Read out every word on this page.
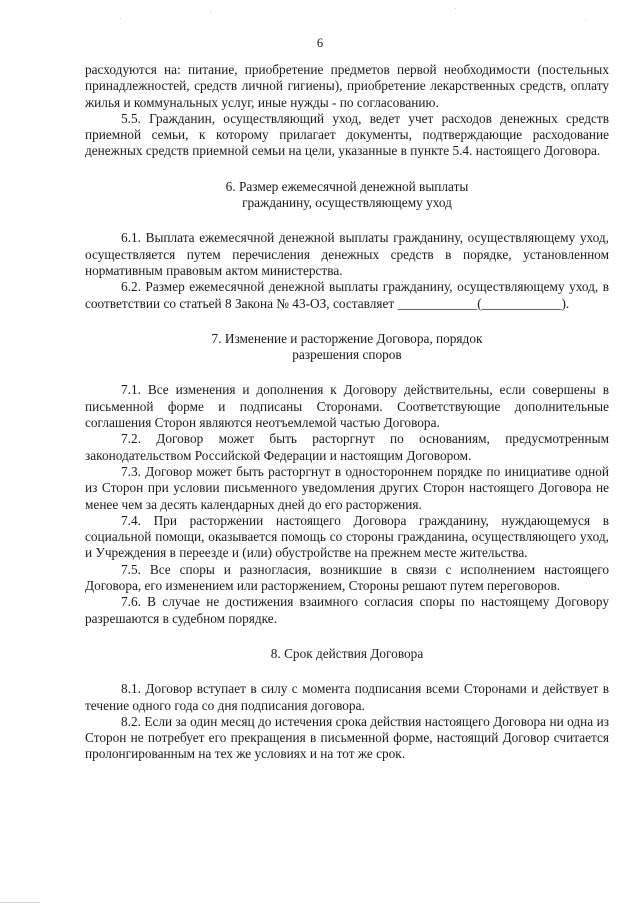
6

расходуются на: питание, приобретение предметов первой необходимости (постельных принадлежностей, средств личной гигиены), приобретение лекарственных средств, оплату жилья и коммунальных услуг, иные нужды - по согласованию.

5.5. Гражданин, осуществляющий уход, ведет учет расходов денежных средств приемной семьи, к которому прилагает документы, подтверждающие расходование денежных средств приемной семьи на цели, указанные в пункте 5.4. настоящего Договора.

6. Размер ежемесячной денежной выплаты
гражданину, осуществляющему уход

6.1. Выплата ежемесячной денежной выплаты гражданину, осуществляющему уход, осуществляется путем перечисления денежных средств в порядке, установленном нормативным правовым актом министерства.

6.2. Размер ежемесячной денежной выплаты гражданину, осуществляющему уход, в соответствии со статьей 8 Закона № 43-ОЗ, составляет ____________(____________).

7. Изменение и расторжение Договора, порядок
разрешения споров

7.1. Все изменения и дополнения к Договору действительны, если совершены в письменной форме и подписаны Сторонами. Соответствующие дополнительные соглашения Сторон являются неотъемлемой частью Договора.

7.2. Договор может быть расторгнут по основаниям, предусмотренным законодательством Российской Федерации и настоящим Договором.

7.3. Договор может быть расторгнут в одностороннем порядке по инициативе одной из Сторон при условии письменного уведомления других Сторон настоящего Договора не менее чем за десять календарных дней до его расторжения.

7.4. При расторжении настоящего Договора гражданину, нуждающемуся в социальной помощи, оказывается помощь со стороны гражданина, осуществляющего уход, и Учреждения в переезде и (или) обустройстве на прежнем месте жительства.

7.5. Все споры и разногласия, возникшие в связи с исполнением настоящего Договора, его изменением или расторжением, Стороны решают путем переговоров.

7.6. В случае не достижения взаимного согласия споры по настоящему Договору разрешаются в судебном порядке.

8. Срок действия Договора

8.1. Договор вступает в силу с момента подписания всеми Сторонами и действует в течение одного года со дня подписания договора.

8.2. Если за один месяц до истечения срока действия настоящего Договора ни одна из Сторон не потребует его прекращения в письменной форме, настоящий Договор считается пролонгированным на тех же условиях и на тот же срок.
